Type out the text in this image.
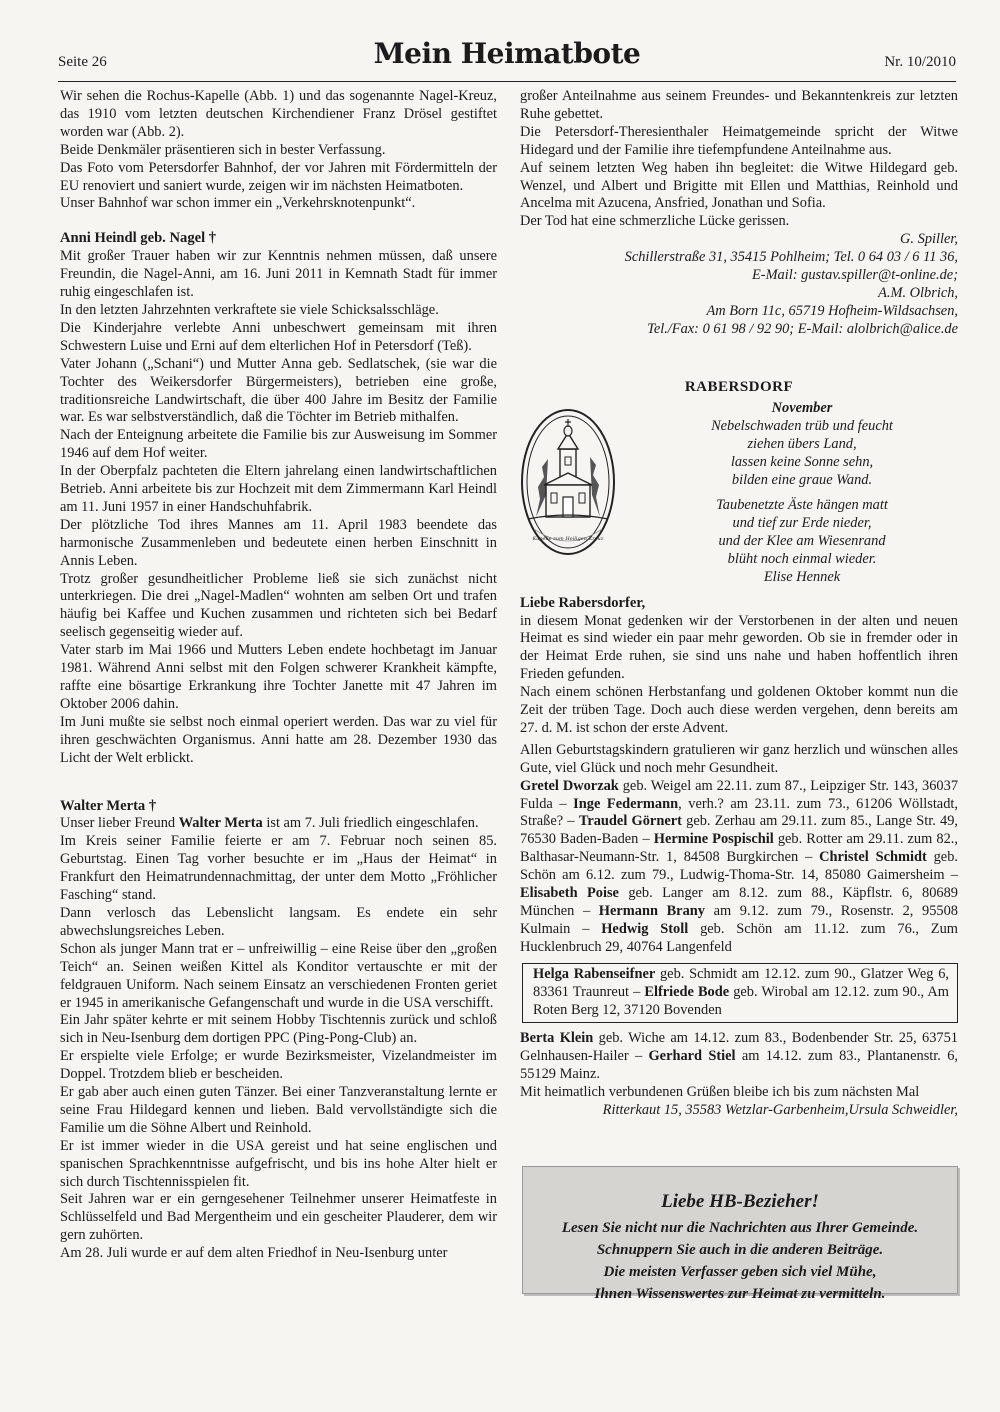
Seite 26	Mein Heimatbote	Nr. 10/2010

Wir sehen die Rochus-Kapelle (Abb. 1) und das sogenannte Nagel-Kreuz, das 1910 vom letzten deutschen Kirchendiener Franz Drösel gestiftet worden war (Abb. 2).

Beide Denkmäler präsentieren sich in bester Verfassung.

Das Foto vom Petersdorfer Bahnhof, der vor Jahren mit Fördermitteln der EU renoviert und saniert wurde, zeigen wir im nächsten Heimatboten.

Unser Bahnhof war schon immer ein „Verkehrsknotenpunkt“.

Anni Heindl geb. Nagel †

Mit großer Trauer haben wir zur Kenntnis nehmen müssen, daß unsere Freundin, die Nagel-Anni, am 16. Juni 2011 in Kemnath Stadt für immer ruhig eingeschlafen ist.

In den letzten Jahrzehnten verkraftete sie viele Schicksalsschläge.

Die Kinderjahre verlebte Anni unbeschwert gemeinsam mit ihren Schwestern Luise und Erni auf dem elterlichen Hof in Petersdorf (Teß).

Vater Johann („Schani“) und Mutter Anna geb. Sedlatschek, (sie war die Tochter des Weikersdorfer Bürgermeisters), betrieben eine große, traditionsreiche Landwirtschaft, die über 400 Jahre im Besitz der Familie war. Es war selbstverständlich, daß die Töchter im Betrieb mithalfen.

Nach der Enteignung arbeitete die Familie bis zur Ausweisung im Sommer 1946 auf dem Hof weiter.

In der Oberpfalz pachteten die Eltern jahrelang einen landwirtschaftlichen Betrieb. Anni arbeitete bis zur Hochzeit mit dem Zimmermann Karl Heindl am 11. Juni 1957 in einer Handschuhfabrik.

Der plötzliche Tod ihres Mannes am 11. April 1983 beendete das harmonische Zusammenleben und bedeutete einen herben Einschnitt in Annis Leben.

Trotz großer gesundheitlicher Probleme ließ sie sich zunächst nicht unterkriegen. Die drei „Nagel-Madlen“ wohnten am selben Ort und trafen häufig bei Kaffee und Kuchen zusammen und richteten sich bei Bedarf seelisch gegenseitig wieder auf.

Vater starb im Mai 1966 und Mutters Leben endete hochbetagt im Januar 1981. Während Anni selbst mit den Folgen schwerer Krankheit kämpfte, raffte eine bösartige Erkrankung ihre Tochter Janette mit 47 Jahren im Oktober 2006 dahin.

Im Juni mußte sie selbst noch einmal operiert werden. Das war zu viel für ihren geschwächten Organismus. Anni hatte am 28. Dezember 1930 das Licht der Welt erblickt.

Walter Merta †

Unser lieber Freund Walter Merta ist am 7. Juli friedlich eingeschlafen.

Im Kreis seiner Familie feierte er am 7. Februar noch seinen 85. Geburtstag. Einen Tag vorher besuchte er im „Haus der Heimat“ in Frankfurt den Heimatrundennachmittag, der unter dem Motto „Fröhlicher Fasching“ stand.

Dann verlosch das Lebenslicht langsam. Es endete ein sehr abwechslungsreiches Leben.

Schon als junger Mann trat er – unfreiwillig – eine Reise über den „großen Teich“ an. Seinen weißen Kittel als Konditor vertauschte er mit der feldgrauen Uniform. Nach seinem Einsatz an verschiedenen Fronten geriet er 1945 in amerikanische Gefangenschaft und wurde in die USA verschifft.

Ein Jahr später kehrte er mit seinem Hobby Tischtennis zurück und schloß sich in Neu-Isenburg dem dortigen PPC (Ping-Pong-Club) an.

Er erspielte viele Erfolge; er wurde Bezirksmeister, Vizelandmeister im Doppel. Trotzdem blieb er bescheiden.

Er gab aber auch einen guten Tänzer. Bei einer Tanzveranstaltung lernte er seine Frau Hildegard kennen und lieben. Bald vervollständigte sich die Familie um die Söhne Albert und Reinhold.

Er ist immer wieder in die USA gereist und hat seine englischen und spanischen Sprachkenntnisse aufgefrischt, und bis ins hohe Alter hielt er sich durch Tischtennisspielen fit.

Seit Jahren war er ein gerngesehener Teilnehmer unserer Heimatfeste in Schlüsselfeld und Bad Mergentheim und ein gescheiter Plauderer, dem wir gern zuhörten.

Am 28. Juli wurde er auf dem alten Friedhof in Neu-Isenburg unter

großer Anteilnahme aus seinem Freundes- und Bekanntenkreis zur letzten Ruhe gebettet.

Die Petersdorf-Theresienthaler Heimatgemeinde spricht der Witwe Hidegard und der Familie ihre tiefempfundene Anteilnahme aus.

Auf seinem letzten Weg haben ihn begleitet: die Witwe Hildegard geb. Wenzel, und Albert und Brigitte mit Ellen und Matthias, Reinhold und Ancelma mit Azucena, Ansfried, Jonathan und Sofia.

Der Tod hat eine schmerzliche Lücke gerissen.

G. Spiller,

Schillerstraße 31, 35415 Pohlheim; Tel. 0 64 03 / 6 11 36,

E-Mail: gustav.spiller@t-online.de;

A.M. Olbrich,

Am Born 11c, 65719 Hofheim-Wildsachsen,

Tel./Fax: 0 61 98 / 92 90; E-Mail: alolbrich@alice.de

RABERSDORF

Kapelle zum Heiligen Kreuz

November

Nebelschwaden trüb und feucht

ziehen übers Land,

lassen keine Sonne sehn,

bilden eine graue Wand.

Taubenetzte Äste hängen matt

und tief zur Erde nieder,

und der Klee am Wiesenrand

blüht noch einmal wieder.

Elise Hennek

Liebe Rabersdorfer,

in diesem Monat gedenken wir der Verstorbenen in der alten und neuen Heimat es sind wieder ein paar mehr geworden. Ob sie in fremder oder in der Heimat Erde ruhen, sie sind uns nahe und haben hoffentlich ihren Frieden gefunden.

Nach einem schönen Herbstanfang und goldenen Oktober kommt nun die Zeit der trüben Tage. Doch auch diese werden vergehen, denn bereits am 27. d. M. ist schon der erste Advent.

Allen Geburtstagskindern gratulieren wir ganz herzlich und wünschen alles Gute, viel Glück und noch mehr Gesundheit.

Gretel Dworzak geb. Weigel am 22.11. zum 87., Leipziger Str. 143, 36037 Fulda – Inge Federmann, verh.? am 23.11. zum 73., 61206 Wöllstadt, Straße? – Traudel Görnert geb. Zerhau am 29.11. zum 85., Lange Str. 49, 76530 Baden-Baden – Hermine Pospischil geb. Rotter am 29.11. zum 82., Balthasar-Neumann-Str. 1, 84508 Burgkirchen – Christel Schmidt geb. Schön am 6.12. zum 79., Ludwig-Thoma-Str. 14, 85080 Gaimersheim – Elisabeth Poise geb. Langer am 8.12. zum 88., Käpflstr. 6, 80689 München – Hermann Brany am 9.12. zum 79., Rosenstr. 2, 95508 Kulmain – Hedwig Stoll geb. Schön am 11.12. zum 76., Zum Hucklenbruch 29, 40764 Langenfeld

Helga Rabenseifner geb. Schmidt am 12.12. zum 90., Glatzer Weg 6, 83361 Traunreut – Elfriede Bode geb. Wirobal am 12.12. zum 90., Am Roten Berg 12, 37120 Bovenden

Berta Klein geb. Wiche am 14.12. zum 83., Bodenbender Str. 25, 63751 Gelnhausen-Hailer – Gerhard Stiel am 14.12. zum 83., Plantanenstr. 6, 55129 Mainz.

Mit heimatlich verbundenen Grüßen bleibe ich bis zum nächsten Mal
Ursula Schweidler,

Ritterkaut 15, 35583 Wetzlar-Garbenheim,

Liebe HB-Bezieher!
Lesen Sie nicht nur die Nachrichten aus Ihrer Gemeinde.
Schnuppern Sie auch in die anderen Beiträge.
Die meisten Verfasser geben sich viel Mühe,
Ihnen Wissenswertes zur Heimat zu vermitteln.
